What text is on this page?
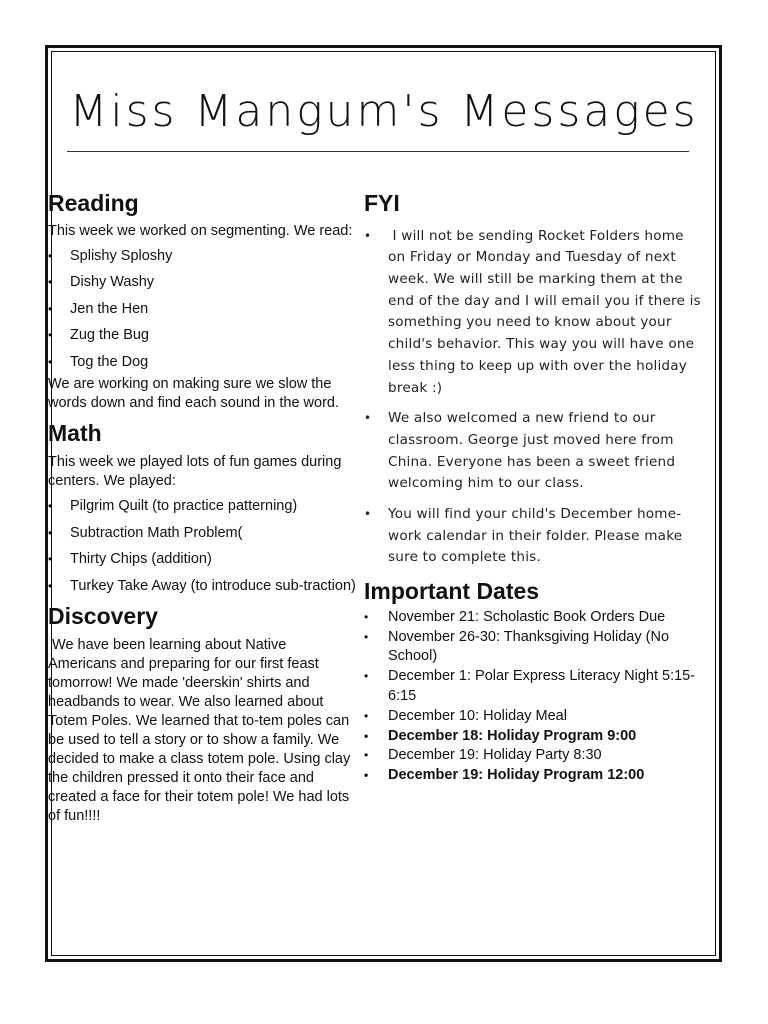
Miss Mangum's Messages
Reading

This week we worked on segmenting. We read:

• Splishy Sploshy
• Dishy Washy
• Jen the Hen
• Zug the Bug
• Tog the Dog

We are working on making sure we slow the words down and find each sound in the word.

Math

This week we played lots of fun games during centers. We played:

• Pilgrim Quilt (to practice patterning)
• Subtraction Math Problem(
• Thirty Chips (addition)
• Turkey Take Away (to introduce sub-traction)
Discovery

We have been learning about Native Americans and preparing for our first feast tomorrow! We made 'deerskin' shirts and headbands to wear. We also learned about Totem Poles. We learned that to-tem poles can be used to tell a story or to show a family. We decided to make a class totem pole. Using clay the children pressed it onto their face and created a face for their totem pole! We had lots of fun!!!!

FYI
• I will not be sending Rocket Folders home on Friday or Monday and Tuesday of next week. We will still be marking them at the end of the day and I will email you if there is something you need to know about your child's behavior. This way you will have one less thing to keep up with over the holiday break :)
• We also welcomed a new friend to our classroom. George just moved here from China. Everyone has been a sweet friend welcoming him to our class.
• You will find your child's December home-work calendar in their folder. Please make sure to complete this.
Important Dates
• November 21: Scholastic Book Orders Due
• November 26-30: Thanksgiving Holiday (No School)
• December 1: Polar Express Literacy Night 5:15-6:15
• December 10: Holiday Meal
• December 18: Holiday Program 9:00
• December 19: Holiday Party 8:30
• December 19: Holiday Program 12:00
